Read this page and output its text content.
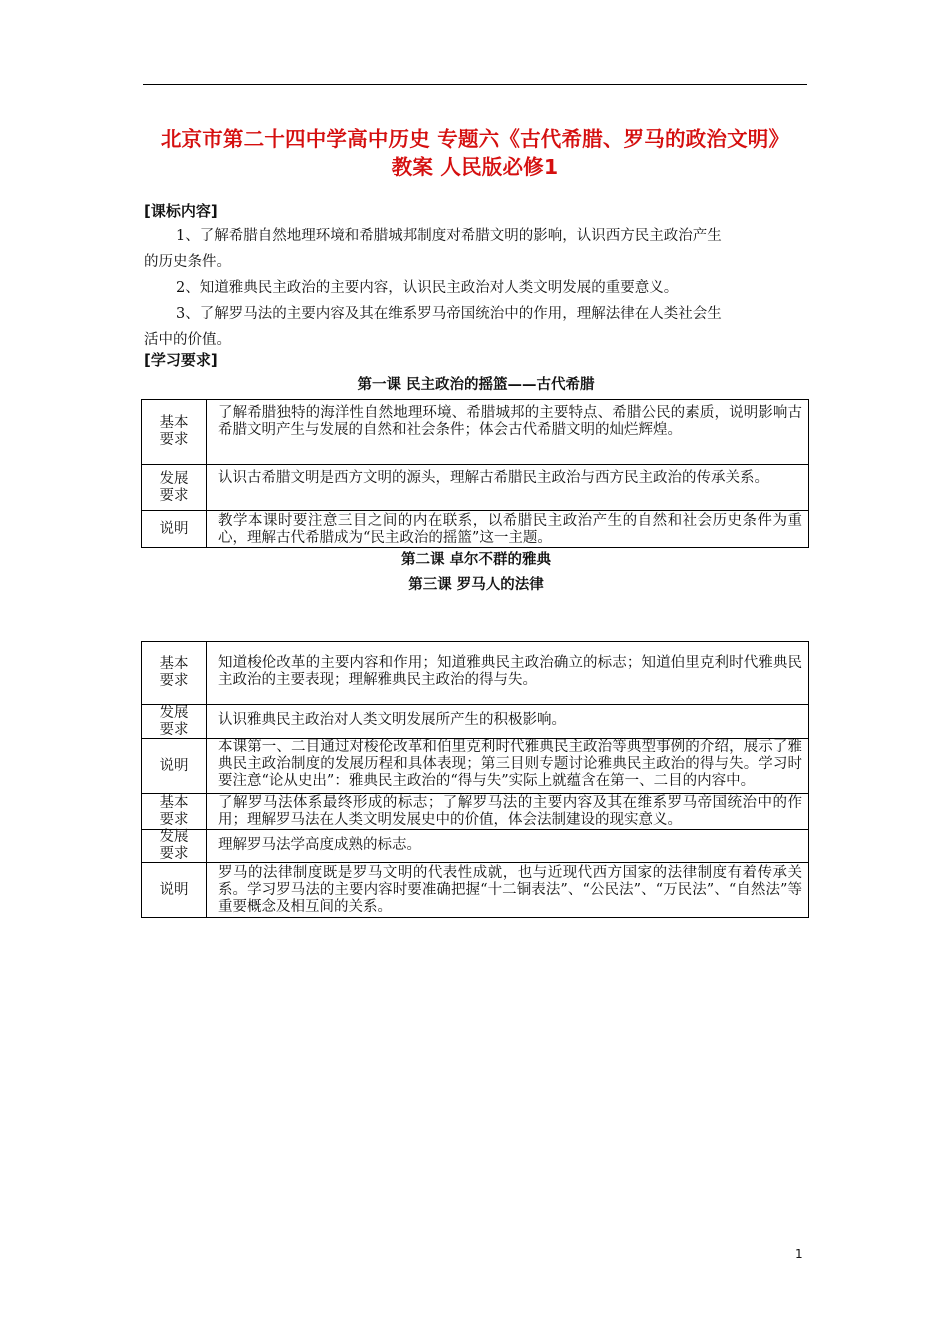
北京市第二十四中学高中历史 专题六《古代希腊、罗马的政治文明》
教案 人民版必修1
[课标内容]
1、了解希腊自然地理环境和希腊城邦制度对希腊文明的影响，认识西方民主政治产生
的历史条件。
2、知道雅典民主政治的主要内容，认识民主政治对人类文明发展的重要意义。
3、了解罗马法的主要内容及其在维系罗马帝国统治中的作用，理解法律在人类社会生
活中的价值。
[学习要求]
第一课 民主政治的摇篮——古代希腊
基本
要求
了解希腊独特的海洋性自然地理环境、希腊城邦的主要特点、希腊公民的素质，说明影响古希腊文明产生与发展的自然和社会条件；体会古代希腊文明的灿烂辉煌。
发展
要求
认识古希腊文明是西方文明的源头，理解古希腊民主政治与西方民主政治的传承关系。
说明	教学本课时要注意三目之间的内在联系，以希腊民主政治产生的自然和社会历史条件为重心，理解古代希腊成为“民主政治的摇篮”这一主题。
第二课 卓尔不群的雅典
第三课 罗马人的法律
基本
要求
知道梭伦改革的主要内容和作用；知道雅典民主政治确立的标志；知道伯里克利时代雅典民主政治的主要表现；理解雅典民主政治的得与失。
发展
要求
认识雅典民主政治对人类文明发展所产生的积极影响。
说明
本课第一、二目通过对梭伦改革和伯里克利时代雅典民主政治等典型事例的介绍，展示了雅典民主政治制度的发展历程和具体表现；第三目则专题讨论雅典民主政治的得与失。学习时要注意“论从史出”：雅典民主政治的“得与失”实际上就蕴含在第一、二目的内容中。
基本
要求
了解罗马法体系最终形成的标志；了解罗马法的主要内容及其在维系罗马帝国统治中的作用；理解罗马法在人类文明发展史中的价值，体会法制建设的现实意义。
发展
要求
理解罗马法学高度成熟的标志。
说明
罗马的法律制度既是罗马文明的代表性成就，也与近现代西方国家的法律制度有着传承关系。学习罗马法的主要内容时要准确把握“十二铜表法”、“公民法”、“万民法”、“自然法”等重要概念及相互间的关系。
1
